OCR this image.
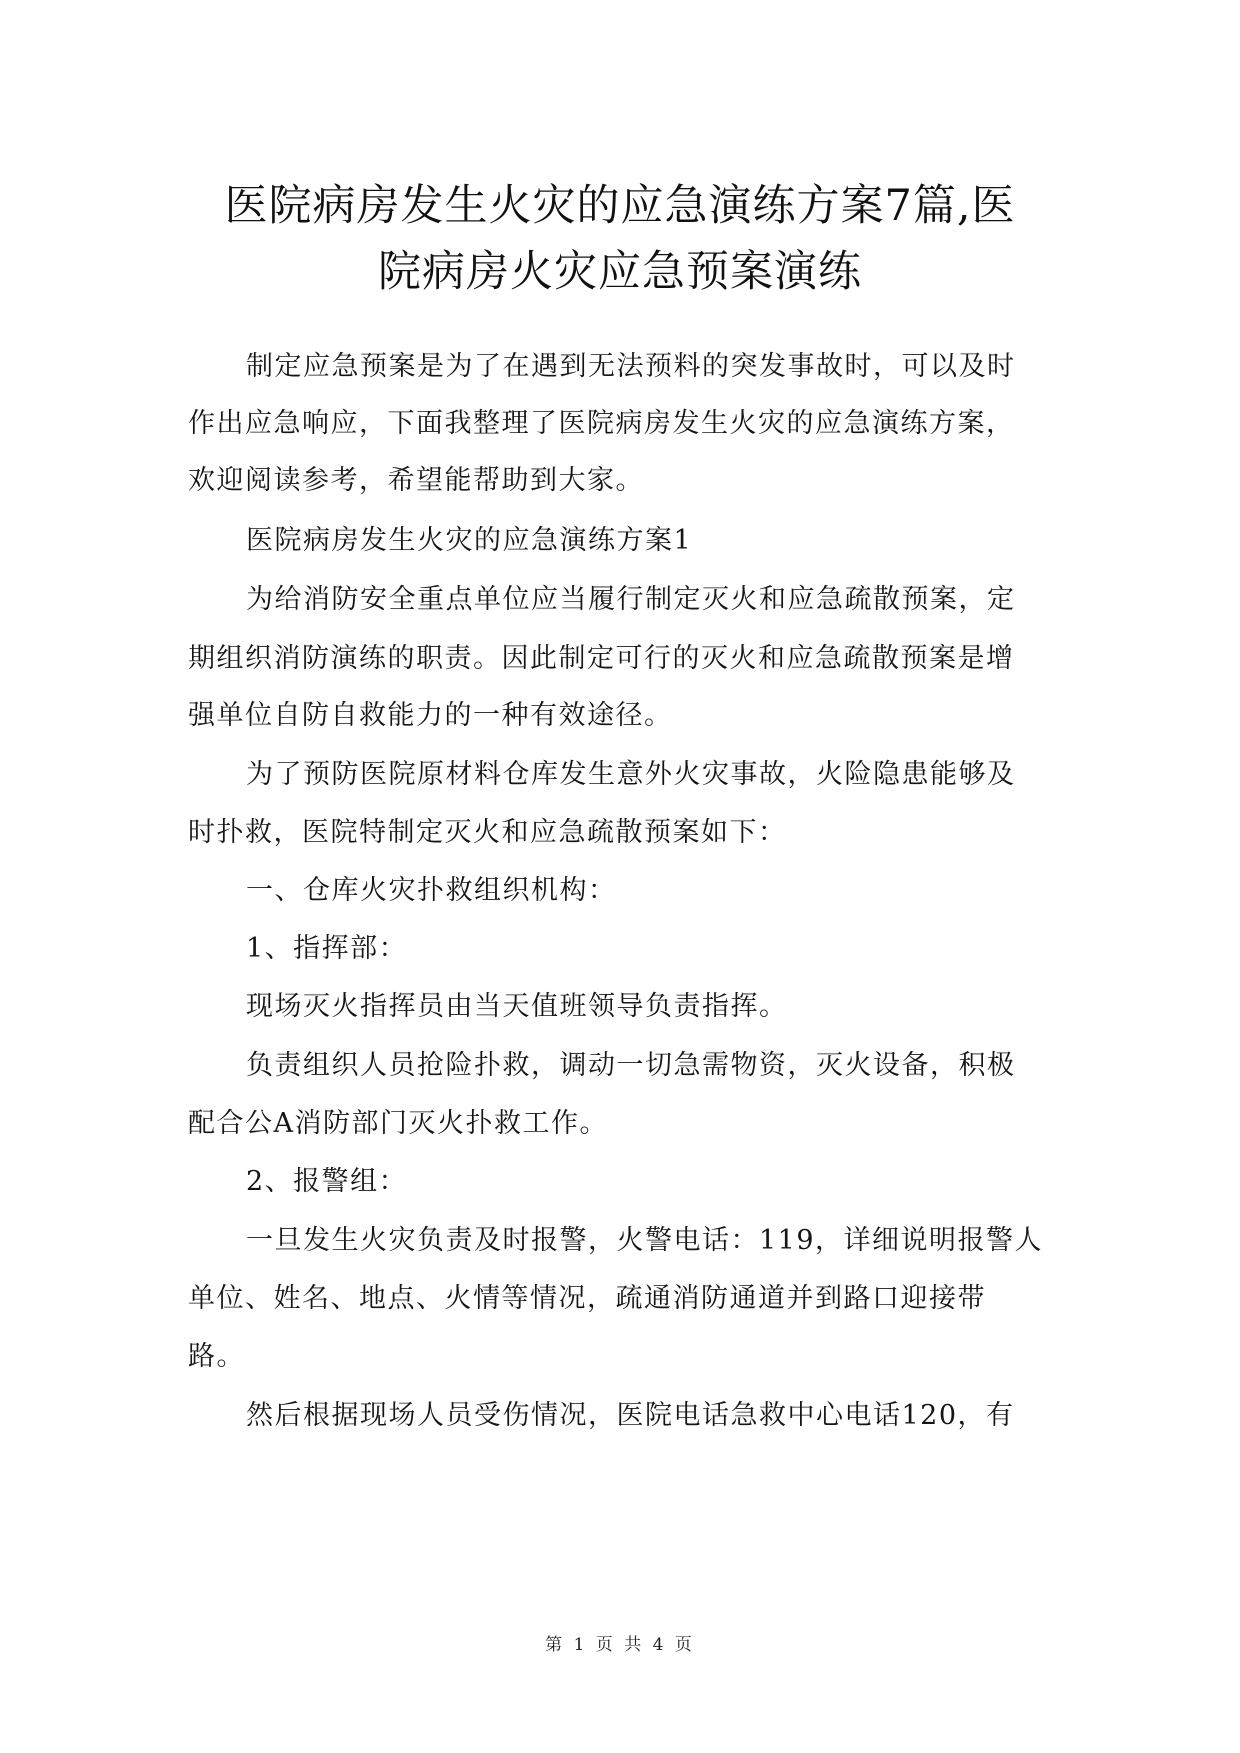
医院病房发生火灾的应急演练方案7篇,医
院病房火灾应急预案演练
制定应急预案是为了在遇到无法预料的突发事故时，可以及时
作出应急响应，下面我整理了医院病房发生火灾的应急演练方案，
欢迎阅读参考，希望能帮助到大家。
医院病房发生火灾的应急演练方案1
为给消防安全重点单位应当履行制定灭火和应急疏散预案，定
期组织消防演练的职责。因此制定可行的灭火和应急疏散预案是增
强单位自防自救能力的一种有效途径。
为了预防医院原材料仓库发生意外火灾事故，火险隐患能够及
时扑救，医院特制定灭火和应急疏散预案如下：
一、仓库火灾扑救组织机构：
1、指挥部：
现场灭火指挥员由当天值班领导负责指挥。
负责组织人员抢险扑救，调动一切急需物资，灭火设备，积极
配合公A消防部门灭火扑救工作。
2、报警组：
一旦发生火灾负责及时报警，火警电话：119，详细说明报警人
单位、姓名、地点、火情等情况，疏通消防通道并到路口迎接带
路。
然后根据现场人员受伤情况，医院电话急救中心电话120，有
第 1 页 共 4 页
